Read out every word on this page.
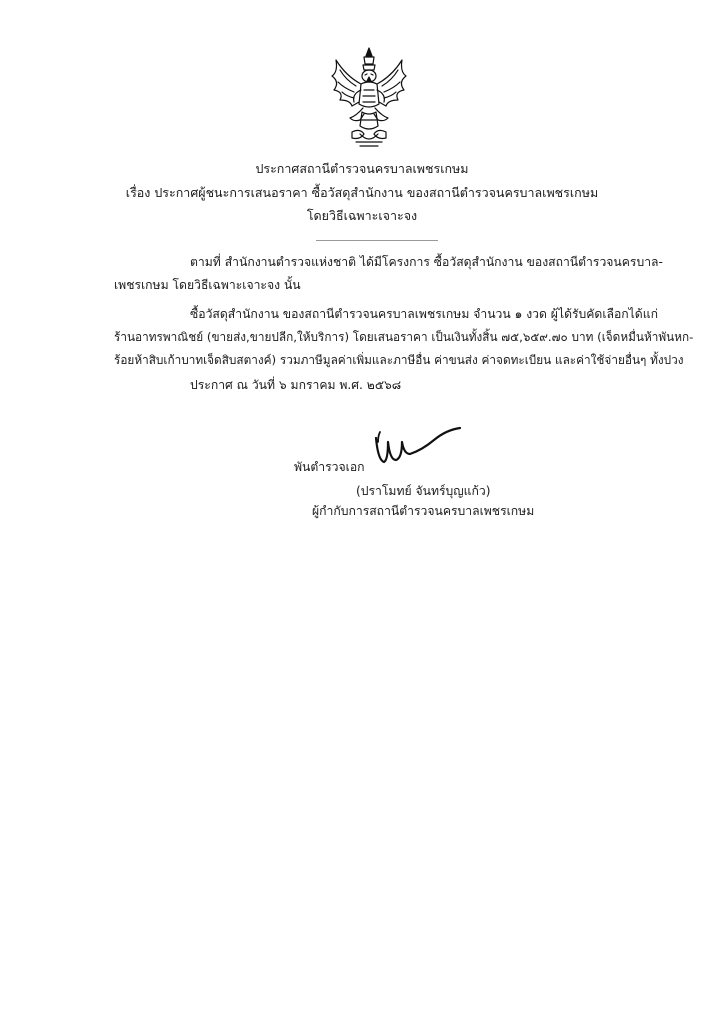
ประกาศสถานีตำรวจนครบาลเพชรเกษม
เรื่อง ประกาศผู้ชนะการเสนอราคา ซื้อวัสดุสำนักงาน ของสถานีตำรวจนครบาลเพชรเกษม
โดยวิธีเฉพาะเจาะจง
ตามที่ สำนักงานตำรวจแห่งชาติ ได้มีโครงการ ซื้อวัสดุสำนักงาน ของสถานีตำรวจนครบาล-
เพชรเกษม โดยวิธีเฉพาะเจาะจง นั้น
ซื้อวัสดุสำนักงาน ของสถานีตำรวจนครบาลเพชรเกษม จำนวน ๑ งวด ผู้ได้รับคัดเลือกได้แก่
ร้านอาทรพาณิชย์ (ขายส่ง,ขายปลีก,ให้บริการ) โดยเสนอราคา เป็นเงินทั้งสิ้น ๗๕,๖๕๙.๗๐ บาท (เจ็ดหมื่นห้าพันหก-
ร้อยห้าสิบเก้าบาทเจ็ดสิบสตางค์) รวมภาษีมูลค่าเพิ่มและภาษีอื่น ค่าขนส่ง ค่าจดทะเบียน และค่าใช้จ่ายอื่นๆ ทั้งปวง
ประกาศ ณ วันที่ ๖ มกราคม พ.ศ. ๒๕๖๘
พันตำรวจเอก
(ปราโมทย์ จันทร์บุญแก้ว)
ผู้กำกับการสถานีตำรวจนครบาลเพชรเกษม
